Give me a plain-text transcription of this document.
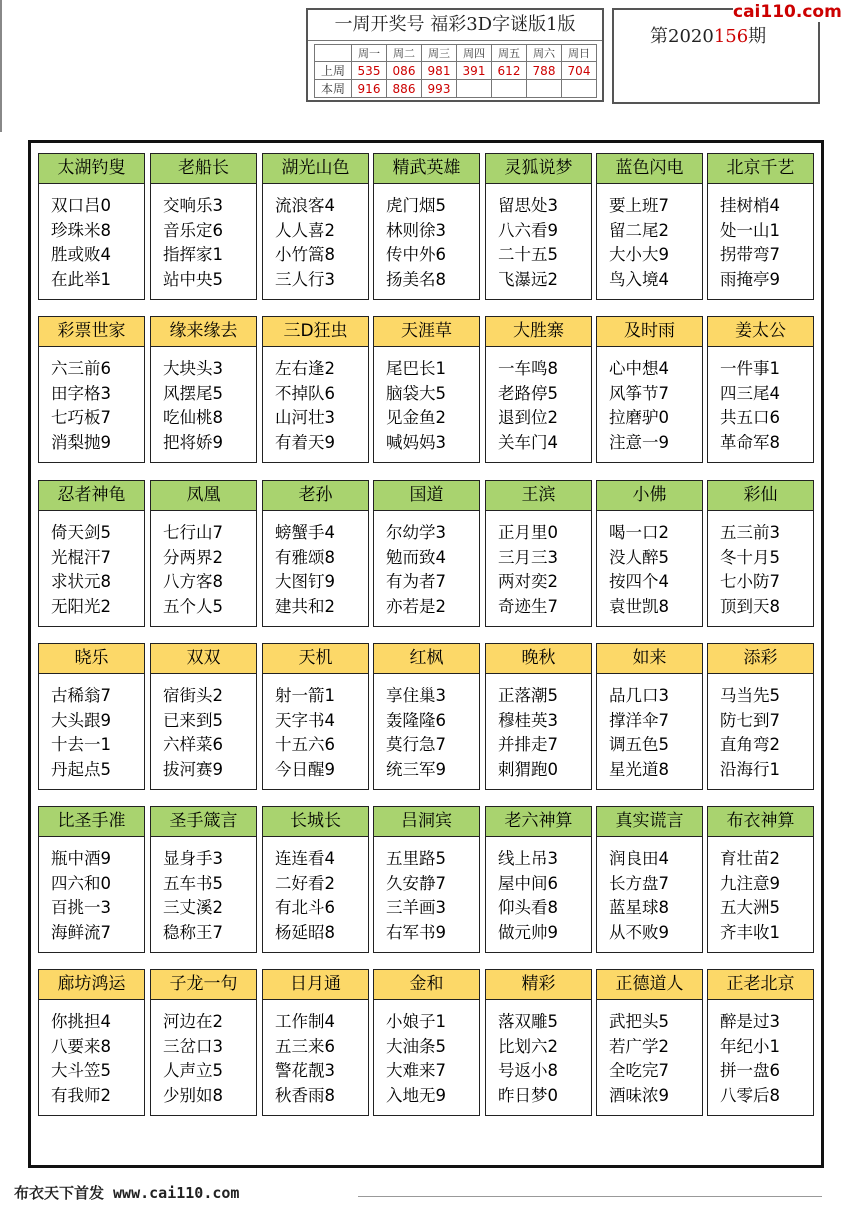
一周开奖号 福彩3D字谜版1版
	周一	周二	周三	周四	周五	周六	周日
上周	535	086	981	391	612	788	704
本周	916	886	993				
第2020156期
cai110.com
太湖钓叟
双口吕0
珍珠米8
胜或败4
在此举1
老船长
交响乐3
音乐定6
指挥家1
站中央5
湖光山色
流浪客4
人人喜2
小竹篙8
三人行3
精武英雄
虎门烟5
林则徐3
传中外6
扬美名8
灵狐说梦
留思处3
八六看9
二十五5
飞瀑远2
蓝色闪电
要上班7
留二尾2
大小大9
鸟入境4
北京千艺
挂树梢4
处一山1
拐带弯7
雨掩亭9
彩票世家
六三前6
田字格3
七巧板7
消梨抛9
缘来缘去
大块头3
风摆尾5
吃仙桃8
把将娇9
三D狂虫
左右逢2
不掉队6
山河壮3
有着天9
天涯草
尾巴长1
脑袋大5
见金鱼2
喊妈妈3
大胜寨
一车鸣8
老路停5
退到位2
关车门4
及时雨
心中想4
风筝节7
拉磨驴0
注意一9
姜太公
一件事1
四三尾4
共五口6
革命军8
忍者神龟
倚天剑5
光棍汗7
求状元8
无阳光2
凤凰
七行山7
分两界2
八方客8
五个人5
老孙
螃蟹手4
有雅颂8
大图钉9
建共和2
国道
尔幼学3
勉而致4
有为者7
亦若是2
王滨
正月里0
三月三3
两对奕2
奇迹生7
小佛
喝一口2
没人醉5
按四个4
袁世凯8
彩仙
五三前3
冬十月5
七小防7
顶到天8
晓乐
古稀翁7
大头跟9
十去一1
丹起点5
双双
宿街头2
已来到5
六样菜6
拔河赛9
天机
射一箭1
天字书4
十五六6
今日醒9
红枫
享住巢3
轰隆隆6
莫行急7
统三军9
晚秋
正落潮5
穆桂英3
并排走7
刺猬跑0
如来
品几口3
撑洋伞7
调五色5
星光道8
添彩
马当先5
防七到7
直角弯2
沿海行1
比圣手准
瓶中酒9
四六和0
百挑一3
海鲜流7
圣手箴言
显身手3
五车书5
三丈溪2
稳称王7
长城长
连连看4
二好看2
有北斗6
杨延昭8
吕洞宾
五里路5
久安静7
三羊画3
右军书9
老六神算
线上吊3
屋中间6
仰头看8
做元帅9
真实谎言
润良田4
长方盘7
蓝星球8
从不败9
布衣神算
育壮苗2
九注意9
五大洲5
齐丰收1
廊坊鸿运
你挑担4
八要来8
大斗笠5
有我师2
子龙一句
河边在2
三岔口3
人声立5
少别如8
日月通
工作制4
五三来6
警花靓3
秋香雨8
金和
小娘子1
大油条5
大难来7
入地无9
精彩
落双雕5
比划六2
号返小8
昨日梦0
正德道人
武把头5
若广学2
全吃完7
酒味浓9
正老北京
醉是过3
年纪小1
拼一盘6
八零后8
布衣天下首发 www.cai110.com
